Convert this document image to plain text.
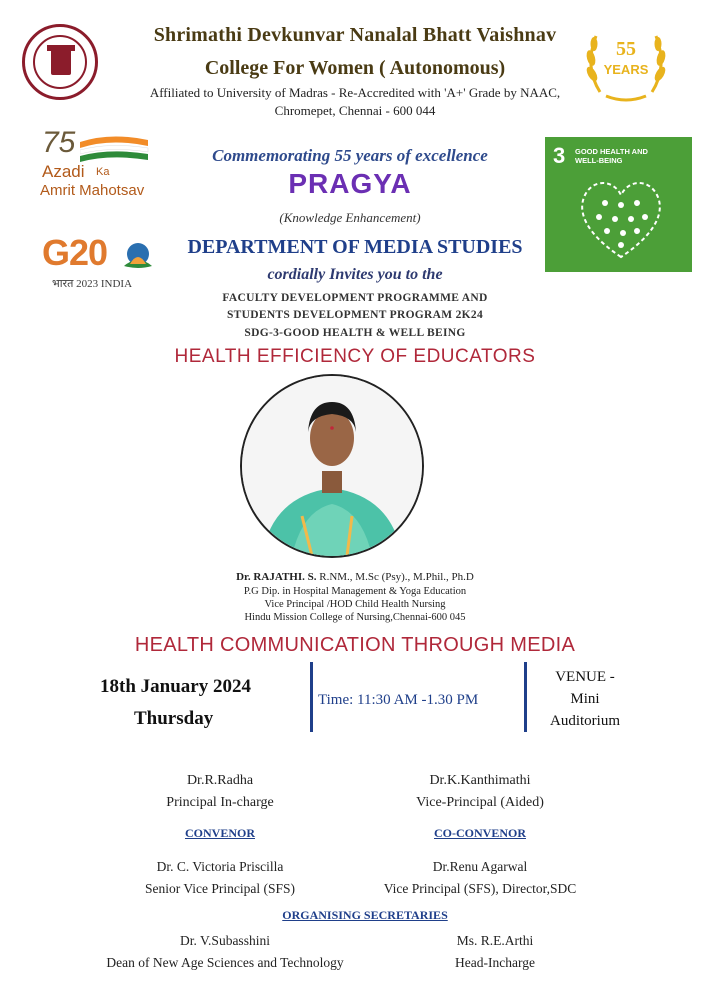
Shrimathi Devkunvar Nanalal Bhatt Vaishnav
College For Women ( Autonomous)
Affiliated to University of Madras - Re-Accredited with 'A+' Grade by NAAC,
Chromepet, Chennai - 600 044
55
YEARS
75
Azadi Ka
Amrit Mahotsav
G20
भारत 2023 INDIA
3 GOOD HEALTH AND WELL-BEING
Commemorating 55 years of excellence
PRAGYA
(Knowledge Enhancement)
DEPARTMENT OF MEDIA STUDIES
cordially Invites you to the
FACULTY DEVELOPMENT PROGRAMME AND
STUDENTS DEVELOPMENT PROGRAM 2K24
SDG-3-GOOD HEALTH & WELL BEING
HEALTH EFFICIENCY OF EDUCATORS
Dr. RAJATHI. S. R.NM., M.Sc (Psy)., M.Phil., Ph.D
P.G Dip. in Hospital Management & Yoga Education
Vice Principal /HOD Child Health Nursing
Hindu Mission College of Nursing,Chennai-600 045
HEALTH COMMUNICATION THROUGH MEDIA
18th January 2024
Thursday
Time: 11:30 AM -1.30 PM
VENUE -
Mini
Auditorium
Dr.R.Radha
Principal In-charge
Dr.K.Kanthimathi
Vice-Principal (Aided)
CONVENOR	CO-CONVENOR
Dr. C. Victoria Priscilla
Senior Vice Principal (SFS)
Dr.Renu Agarwal
Vice Principal (SFS), Director,SDC
ORGANISING SECRETARIES
Dr. V.Subasshini
Dean of New Age Sciences and Technology
Ms. R.E.Arthi
Head-Incharge
